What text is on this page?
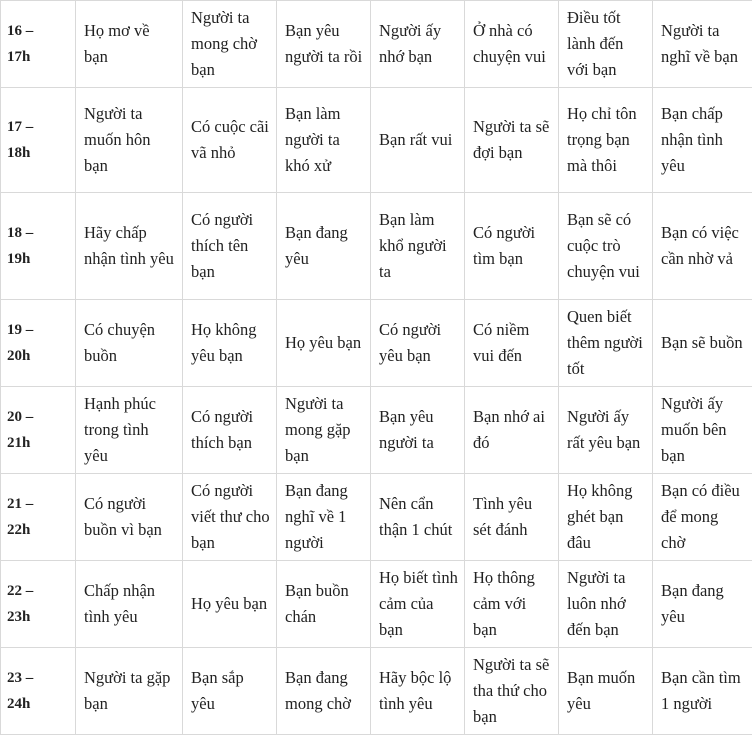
16 –
17h	Họ mơ về bạn	Người ta mong chờ bạn	Bạn yêu người ta rồi	Người ấy nhớ bạn	Ở nhà có chuyện vui	Điều tốt lành đến với bạn	Người ta nghĩ về bạn

17 –
18h	Người ta muốn hôn bạn	Có cuộc cãi vã nhỏ	Bạn làm người ta khó xử	Bạn rất vui	Người ta sẽ đợi bạn	Họ chỉ tôn trọng bạn mà thôi	Bạn chấp nhận tình yêu

18 –
19h	Hãy chấp nhận tình yêu	Có người thích tên bạn	Bạn đang yêu	Bạn làm khổ người ta	Có người tìm bạn	Bạn sẽ có cuộc trò chuyện vui	Bạn có việc cần nhờ vả

19 –
20h	Có chuyện buồn	Họ không yêu bạn	Họ yêu bạn	Có người yêu bạn	Có niềm vui đến	Quen biết thêm người tốt	Bạn sẽ buồn

20 –
21h	Hạnh phúc trong tình yêu	Có người thích bạn	Người ta mong gặp bạn	Bạn yêu người ta	Bạn nhớ ai đó	Người ấy rất yêu bạn	Người ấy muốn bên bạn

21 –
22h	Có người buồn vì bạn	Có người viết thư cho bạn	Bạn đang nghĩ về 1 người	Nên cẩn thận 1 chút	Tình yêu sét đánh	Họ không ghét bạn đâu	Bạn có điều để mong chờ

22 –
23h	Chấp nhận tình yêu	Họ yêu bạn	Bạn buồn chán	Họ biết tình cảm của bạn	Họ thông cảm với bạn	Người ta luôn nhớ đến bạn	Bạn đang yêu

23 –
24h	Người ta gặp bạn	Bạn sắp yêu	Bạn đang mong chờ	Hãy bộc lộ tình yêu	Người ta sẽ tha thứ cho bạn	Bạn muốn yêu	Bạn cần tìm 1 người
